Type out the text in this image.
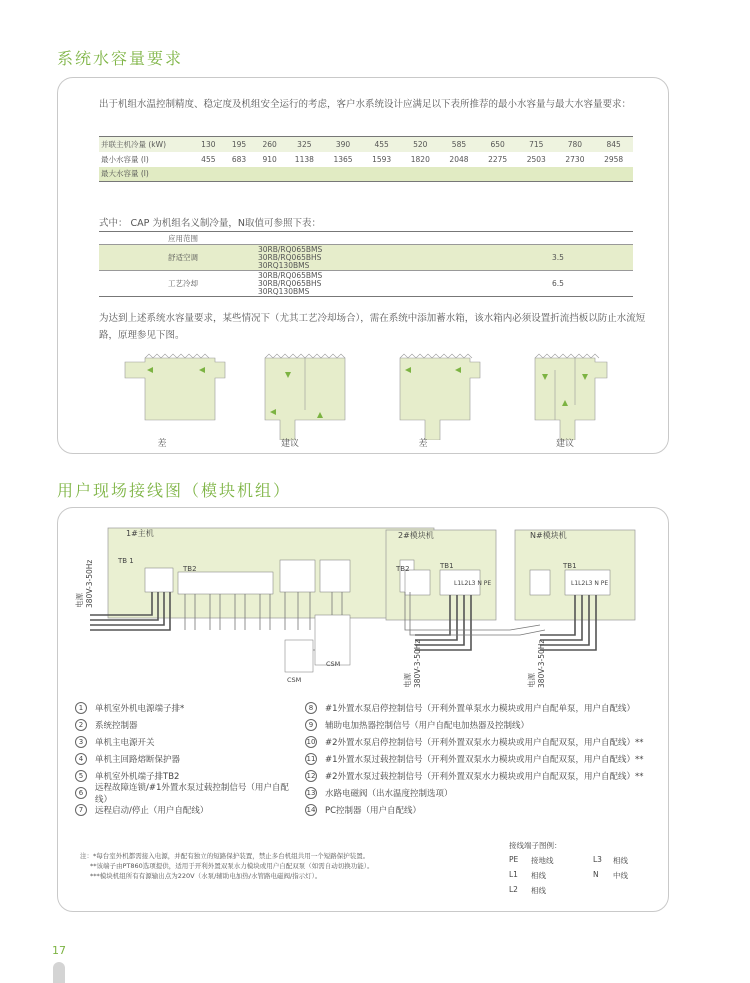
系统水容量要求
出于机组水温控制精度、稳定度及机组安全运行的考虑，客户水系统设计应满足以下表所推荐的最小水容量与最大水容量要求：
并联主机冷量 (kW)	130	195	260	325	390	455	520	585	650	715	780	845
最小水容量 (l)	455	683	910	1138	1365	1593	1820	2048	2275	2503	2730	2958
最大水容量 (l)												
式中： CAP 为机组名义制冷量，N取值可参照下表：
	应用范围		
	舒适空调	30RB/RQ065BMS
30RB/RQ065BHS
30RQ130BMS	3.5
	工艺冷却	30RB/RQ065BMS
30RB/RQ065BHS
30RQ130BMS	6.5
为达到上述系统水容量要求，某些情况下（尤其工艺冷却场合），需在系统中添加蓄水箱，该水箱内必须设置折流挡板以防止水流短路，原理参见下图。
差	建议	差	建议
用户现场接线图（模块机组）
1#主机	2#模块机	N#模块机
TB 1
TB2	TB2	TB1	TB1
L1L2L3 N PE	L1L2L3 N PE
CSM
CSM
电源 380V-3-50Hz
电源 380V-3-50Hz	电源 380V-3-50Hz
1	单机室外机电源端子排*
2	系统控制器
3	单机主电源开关
4	单机主回路熔断保护器
5	单机室外机端子排TB2
6	远程故障连锁/#1外置水泵过载控制信号（用户自配线）
7	远程启动/停止（用户自配线）
8	#1外置水泵启停控制信号（开利外置单泵水力模块或用户自配单泵，用户自配线）
9	辅助电加热器控制信号（用户自配电加热器及控制线）
10 #2外置水泵启停控制信号（开利外置双泵水力模块或用户自配双泵，用户自配线）**
11 #1外置水泵过载控制信号（开利外置双泵水力模块或用户自配双泵，用户自配线）**
12 #2外置水泵过载控制信号（开利外置双泵水力模块或用户自配双泵，用户自配线）**
13 水路电磁阀（出水温度控制选项）
14 PC控制器（用户自配线）
注：*每台室外机都需接入电源，并配有独立的短路保护装置，禁止多台机组共用一个短路保护装置。
**该端子由PT860选项提供，适用于开利外置双泵水力模块或用户自配双泵（如需自动切换功能）。
***模块机组所有有源输出点为220V（水泵/辅助电加热/水管路电磁阀/指示灯）。
接线端子图例：
PE	接地线	L3	相线
L1	相线	N	中线
L2	相线
17
